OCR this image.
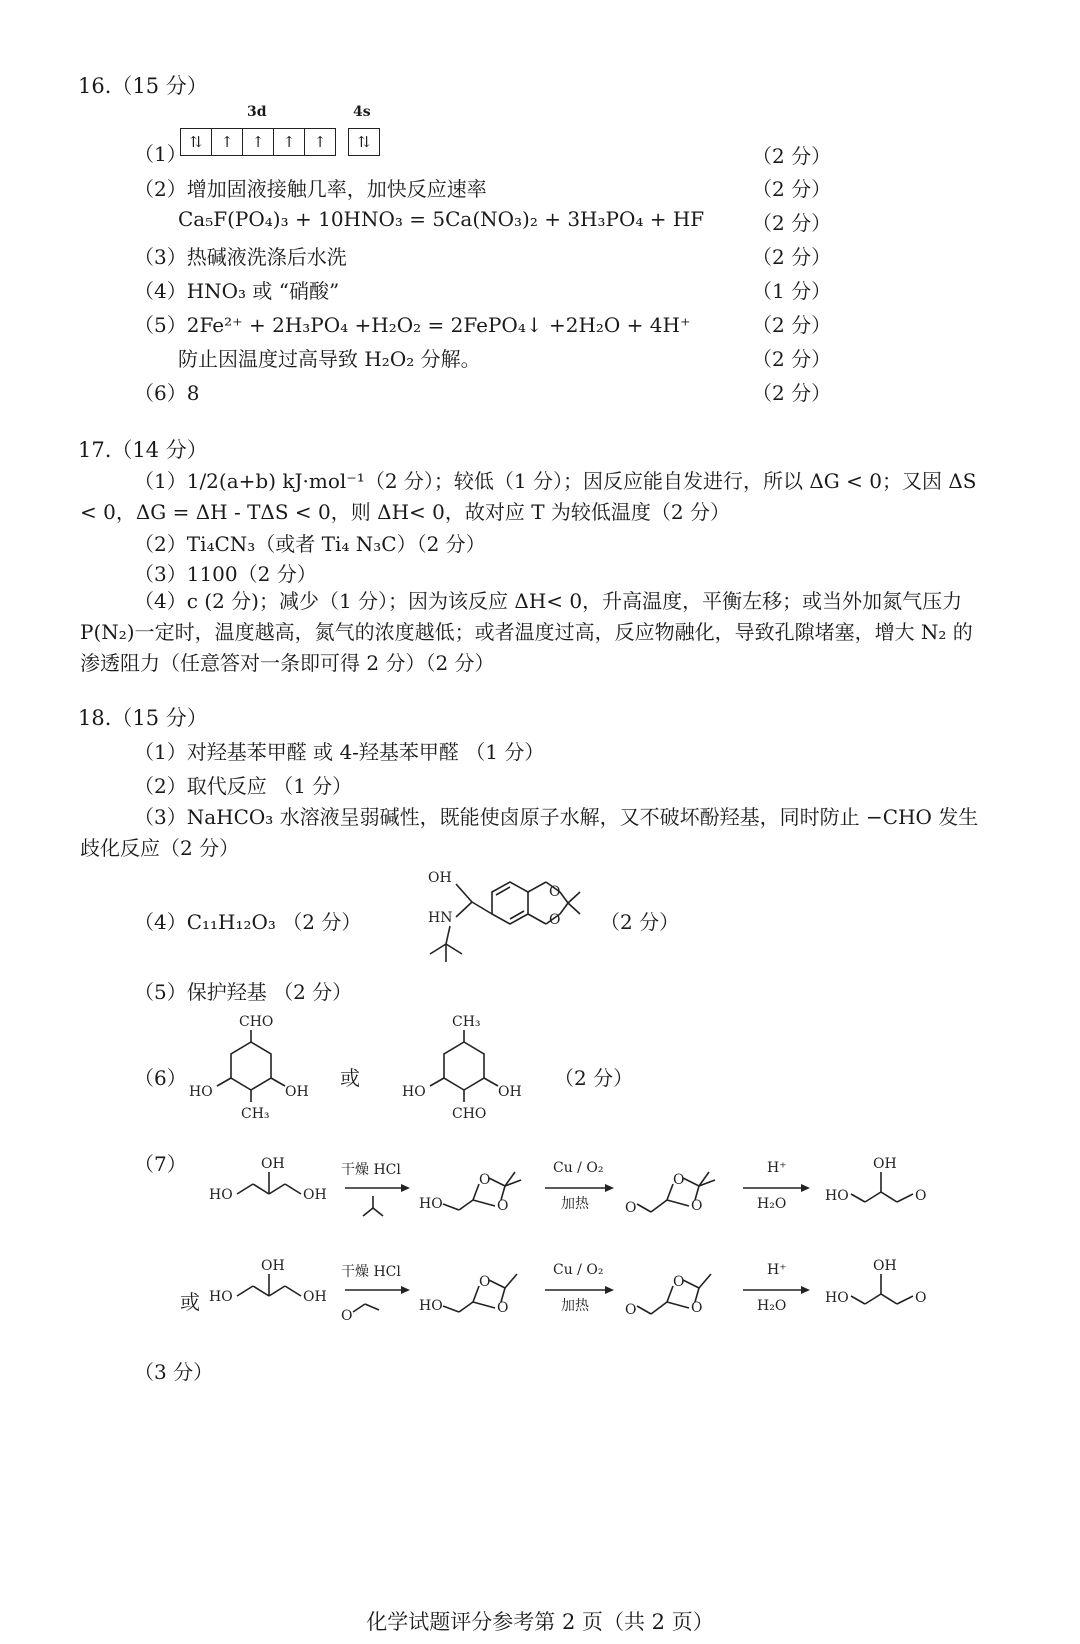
16.（15 分）
（1）
3d	4s
⇅	↑	↑	↑	↑	⇅
（2 分）
（2）增加固液接触几率，加快反应速率	（2 分）
Ca₅F(PO₄)₃ + 10HNO₃ = 5Ca(NO₃)₂ + 3H₃PO₄ + HF （2 分）
（3）热碱液洗涤后水洗	（2 分）
（4）HNO₃ 或 “硝酸”	（1 分）
（5）2Fe²⁺ + 2H₃PO₄ +H₂O₂ = 2FePO₄↓ +2H₂O + 4H⁺	（2 分）
防止因温度过高导致 H₂O₂ 分解。	（2 分）
（6）8	（2 分）
17.（14 分）
（1）1/2(a+b) kJ·mol⁻¹（2 分）；较低（1 分）；因反应能自发进行，所以 ΔG < 0；又因 ΔS < 0，ΔG = ΔH - TΔS < 0，则 ΔH< 0，故对应 T 为较低温度（2 分）
（2）Ti₄CN₃（或者 Ti₄ N₃C）（2 分）
（3）1100（2 分）
（4）c (2 分)；减少（1 分）；因为该反应 ΔH< 0，升高温度，平衡左移；或当外加氮气压力 P(N₂)一定时，温度越高，氮气的浓度越低；或者温度过高，反应物融化，导致孔隙堵塞，增大 N₂ 的渗透阻力（任意答对一条即可得 2 分）（2 分）
18.（15 分）
（1）对羟基苯甲醛 或 4-羟基苯甲醛 （1 分）
（2）取代反应 （1 分）
（3）NaHCO₃ 水溶液呈弱碱性，既能使卤原子水解，又不破坏酚羟基，同时防止 −CHO 发生歧化反应（2 分）
（4）C₁₁H₁₂O₃ （2 分）
OH
HN
O
O （2 分）
（5）保护羟基 （2 分）
（6）
CHO
HO	OH
CH₃
或
CH₃
HO	OH
CHO
（2 分）
（7）
HO
OH
OH
干燥 HCl
HO
O
O
Cu / O₂
加热	O
O
O
H⁺
H₂O	HO
OH
O
或 HO
OH
OH
干燥 HCl
O
HO
O
O
Cu / O₂
加热	O
O
O
H⁺
H₂O	HO
OH
O
（3 分）
化学试题评分参考第 2 页（共 2 页）
